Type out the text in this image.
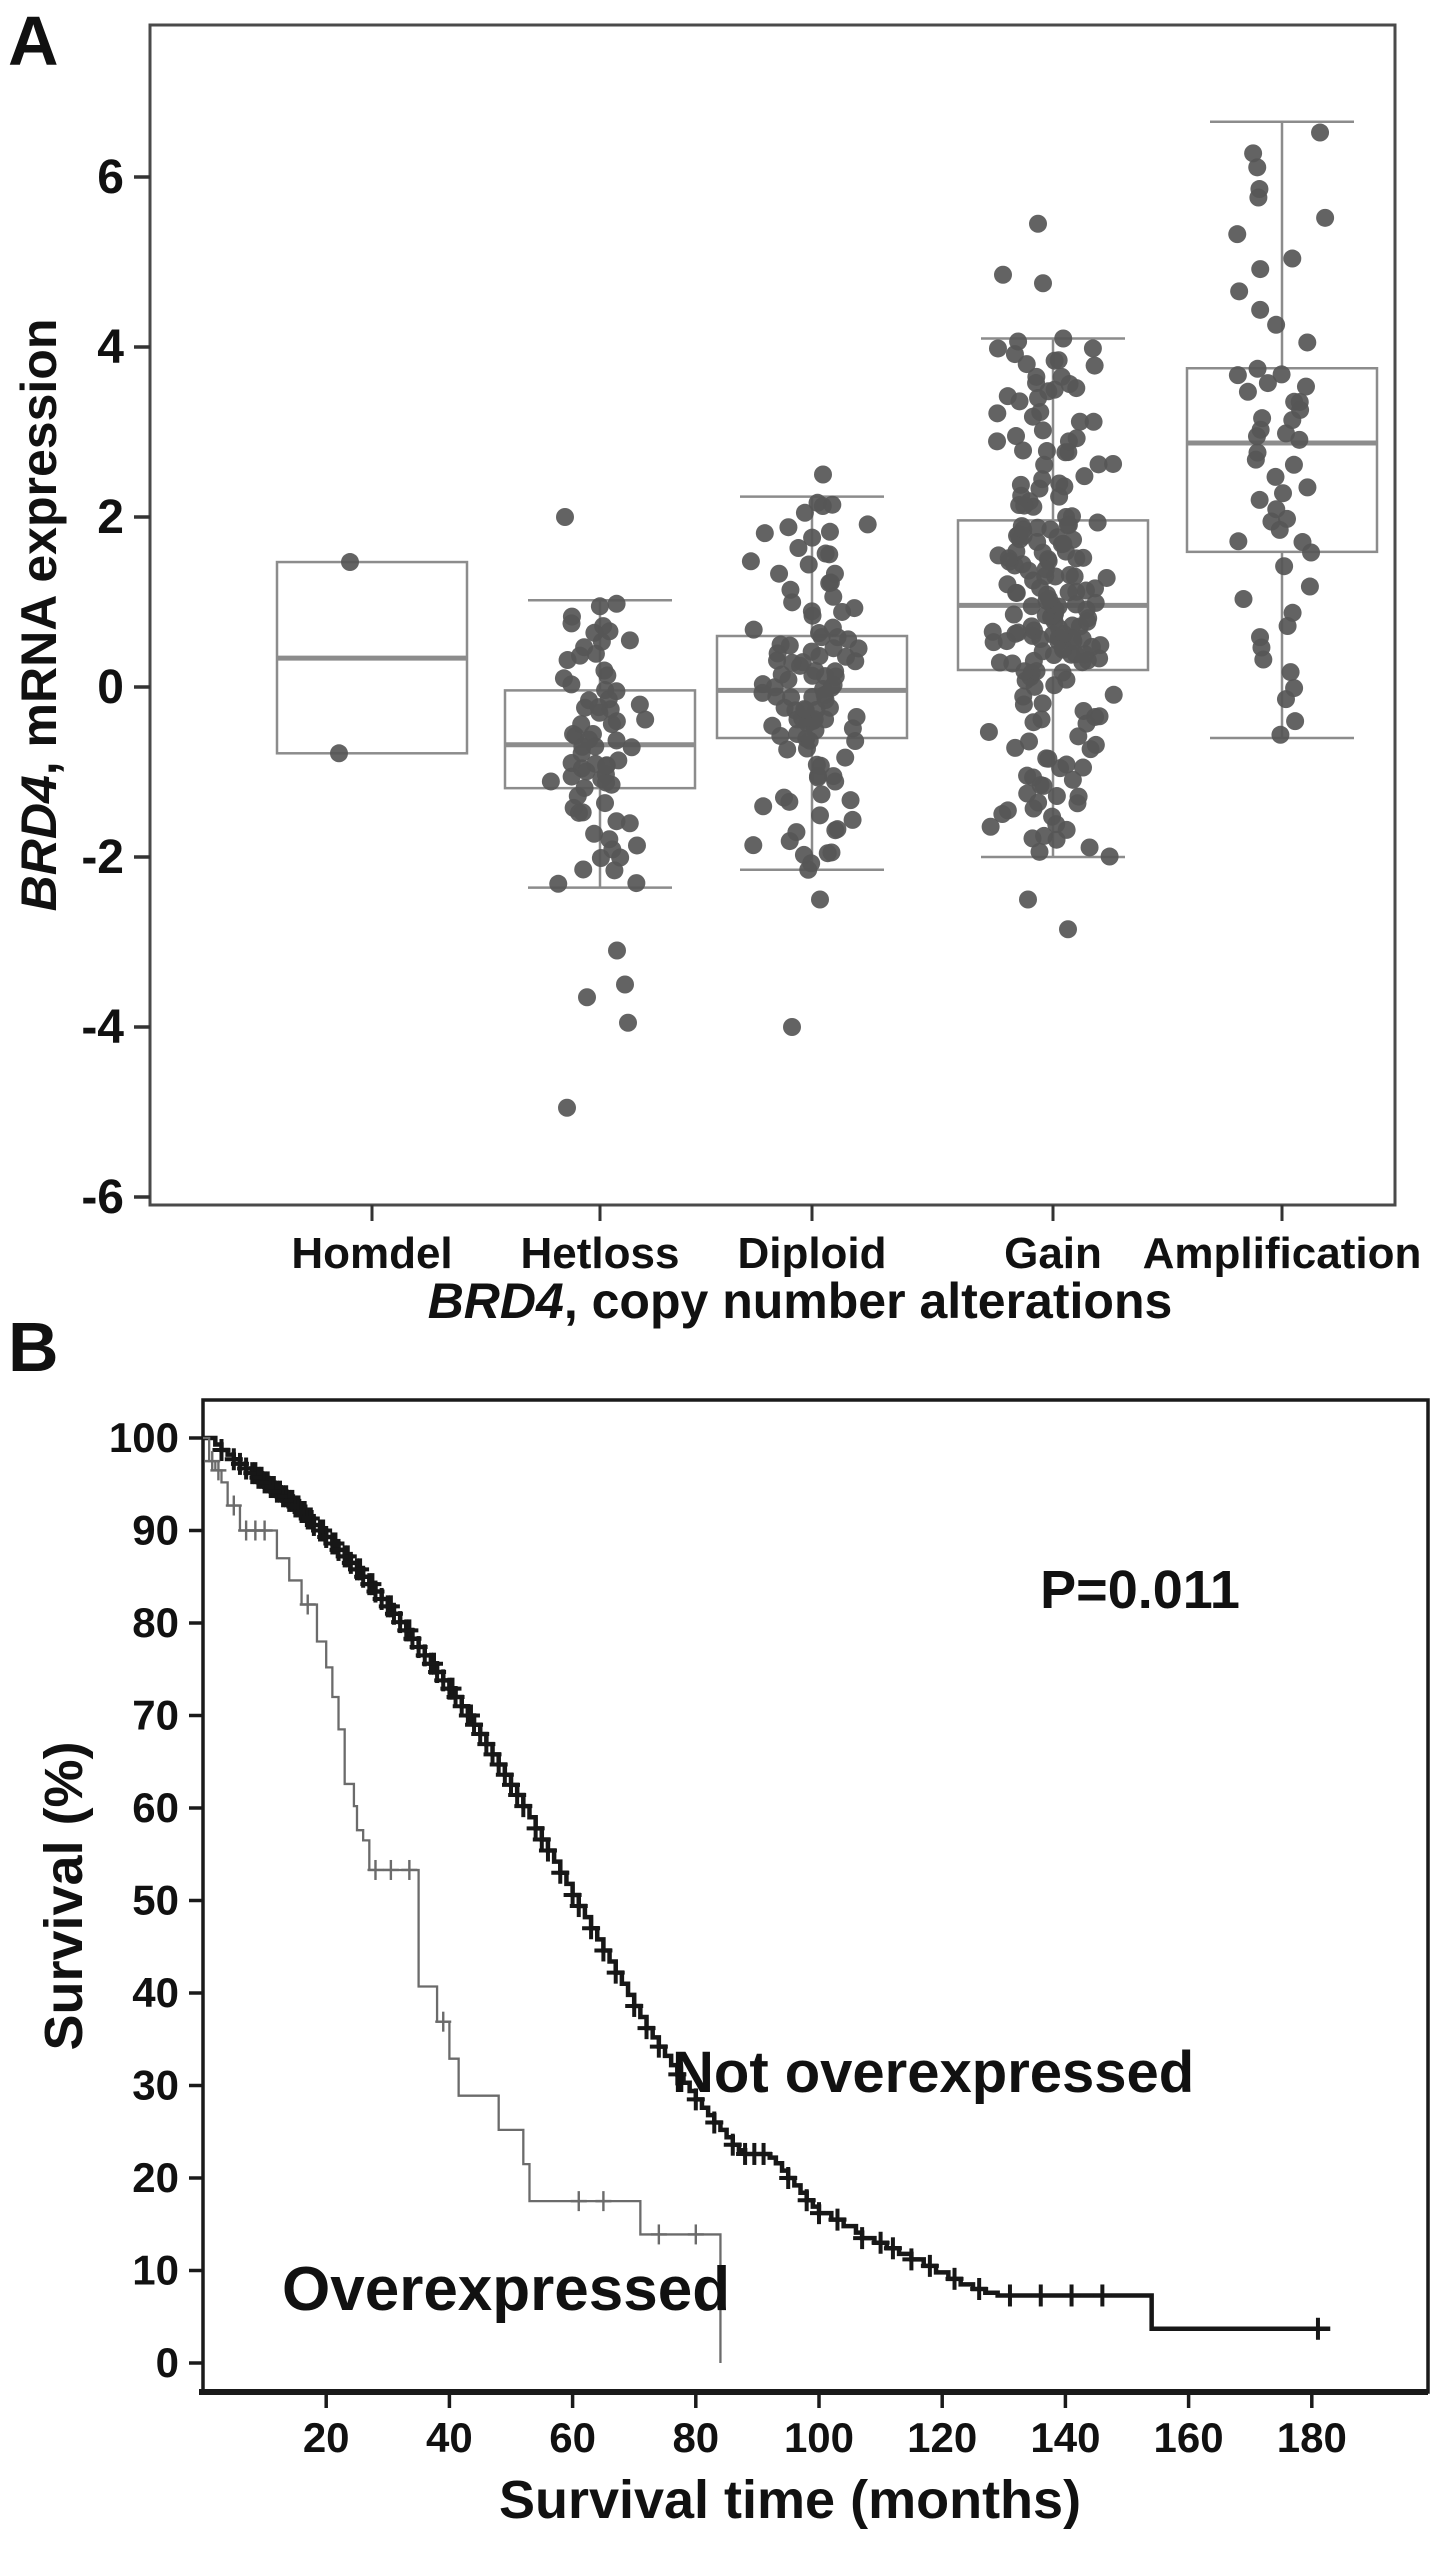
A
B
6
4
2
0
-2
-4
-6
BRD4, mRNA expression
BRD4, copy number alterations
Homdel Hetloss Diploid	Gain Amplification
100
90
80
70
60
50
40
30
20
10
0
20 40 60 80 100 120 140 160 180
Survival (%)
Survival time (months)
P=0.011
Not overexpressed
Overexpressed
